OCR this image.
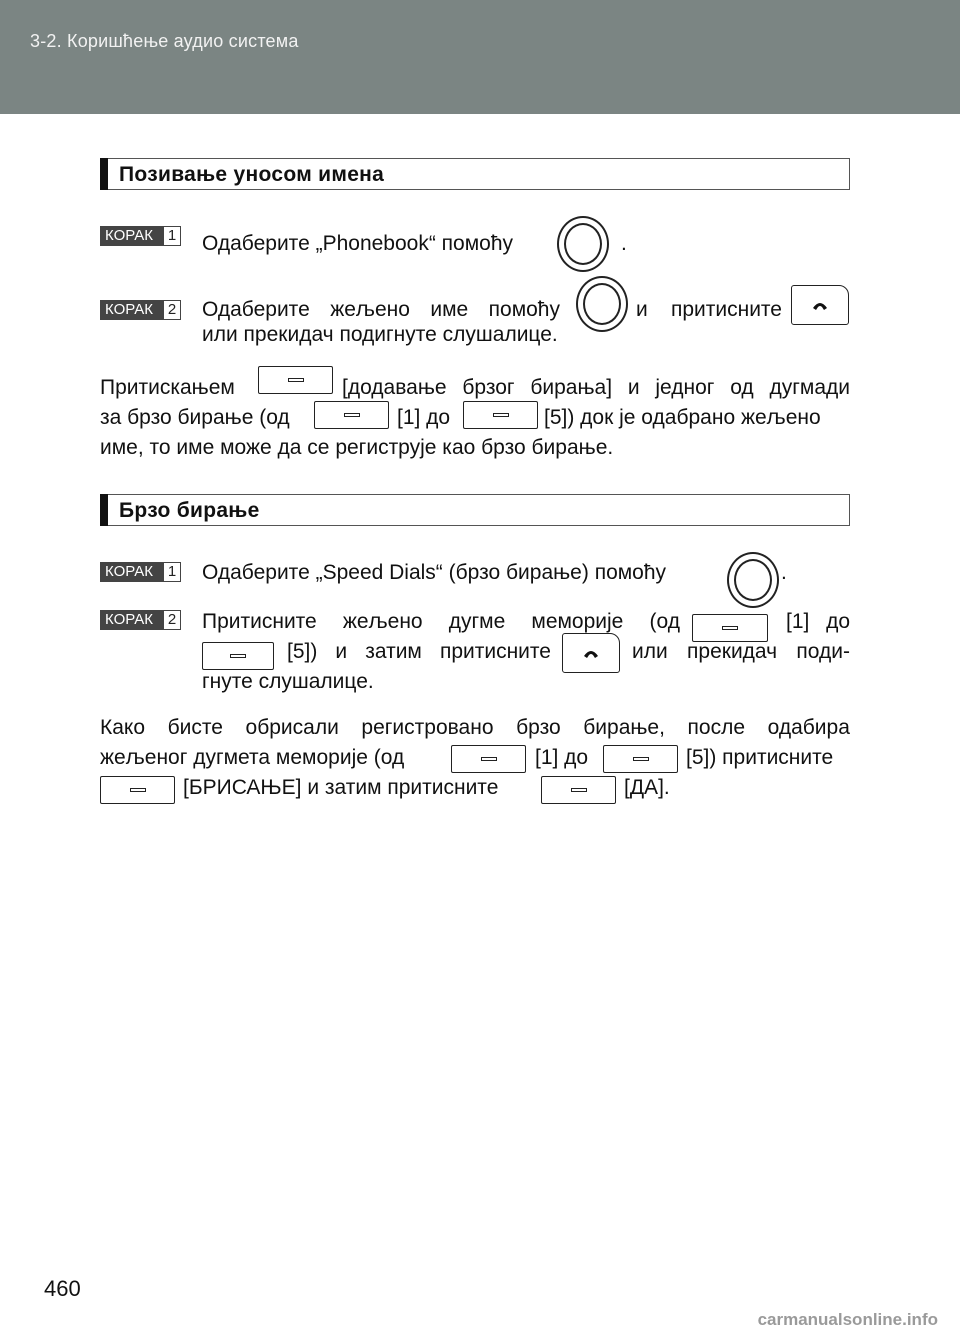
3-2. Коришћење аудио система
Позивање уносом имена
КОРАК 1 Одаберите „Phonebook“ помоћу	.
КОРАК 2 Одаберите жељено име помоћу	и притисните
или прекидач подигнуте слушалице.
Притискањем	[додавање брзог бирања] и једног од дугмади
за брзо бирање (од	[1] до	[5]) док је одабрано жељено
име, то име може да се региструје као брзо бирање.
Брзо бирање
КОРАК 1 Одаберите „Speed Dials“ (брзо бирање) помоћу	.
КОРАК 2 Притисните жељено дугме меморије (од	[1] до
[5]) и затим притисните	или прекидач поди-
гнуте слушалице.
Како бисте обрисали регистровано брзо бирање, после одабира
жељеног дугмета меморије (од	[1] до	[5]) притисните
[БРИСАЊЕ] и затим притисните	[ДА].
460
carmanualsonline.info
